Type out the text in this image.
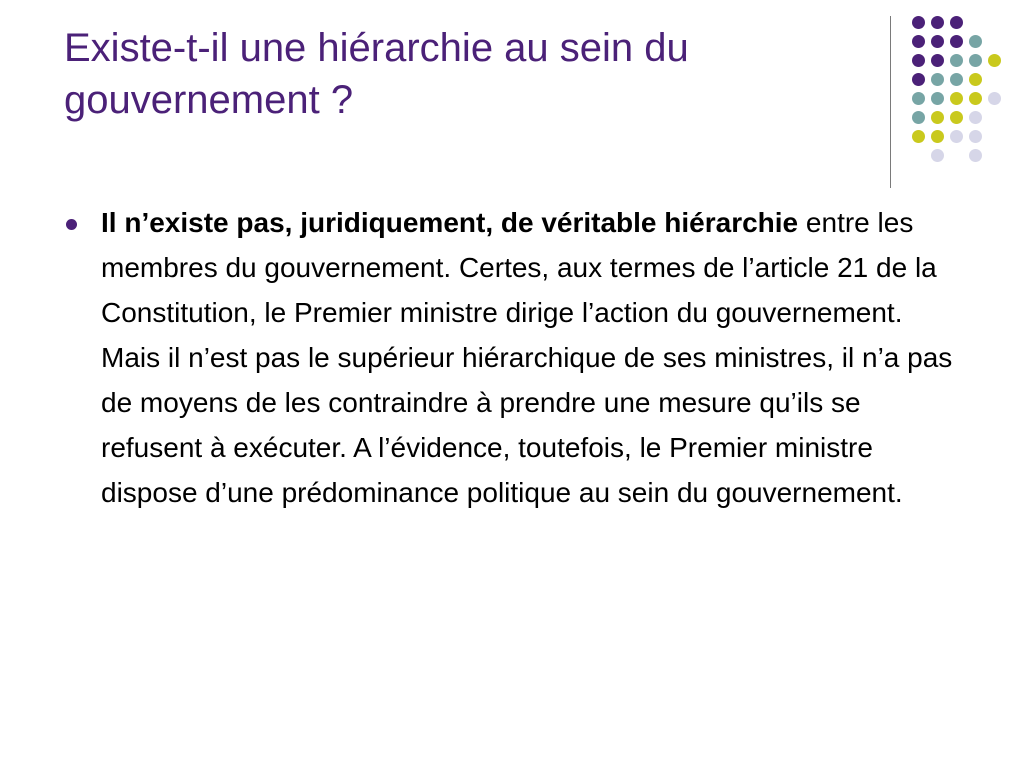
Existe-t-il une hiérarchie au sein du gouvernement ?
Il n’existe pas, juridiquement, de véritable hiérarchie entre les membres du gouvernement. Certes, aux termes de l’article 21 de la Constitution, le Premier ministre dirige l’action du gouvernement. Mais il n’est pas le supérieur hiérarchique de ses ministres, il n’a pas de moyens de les contraindre à prendre une mesure qu’ils se refusent à exécuter. A l’évidence, toutefois, le Premier ministre dispose d’une prédominance politique au sein du gouvernement.
